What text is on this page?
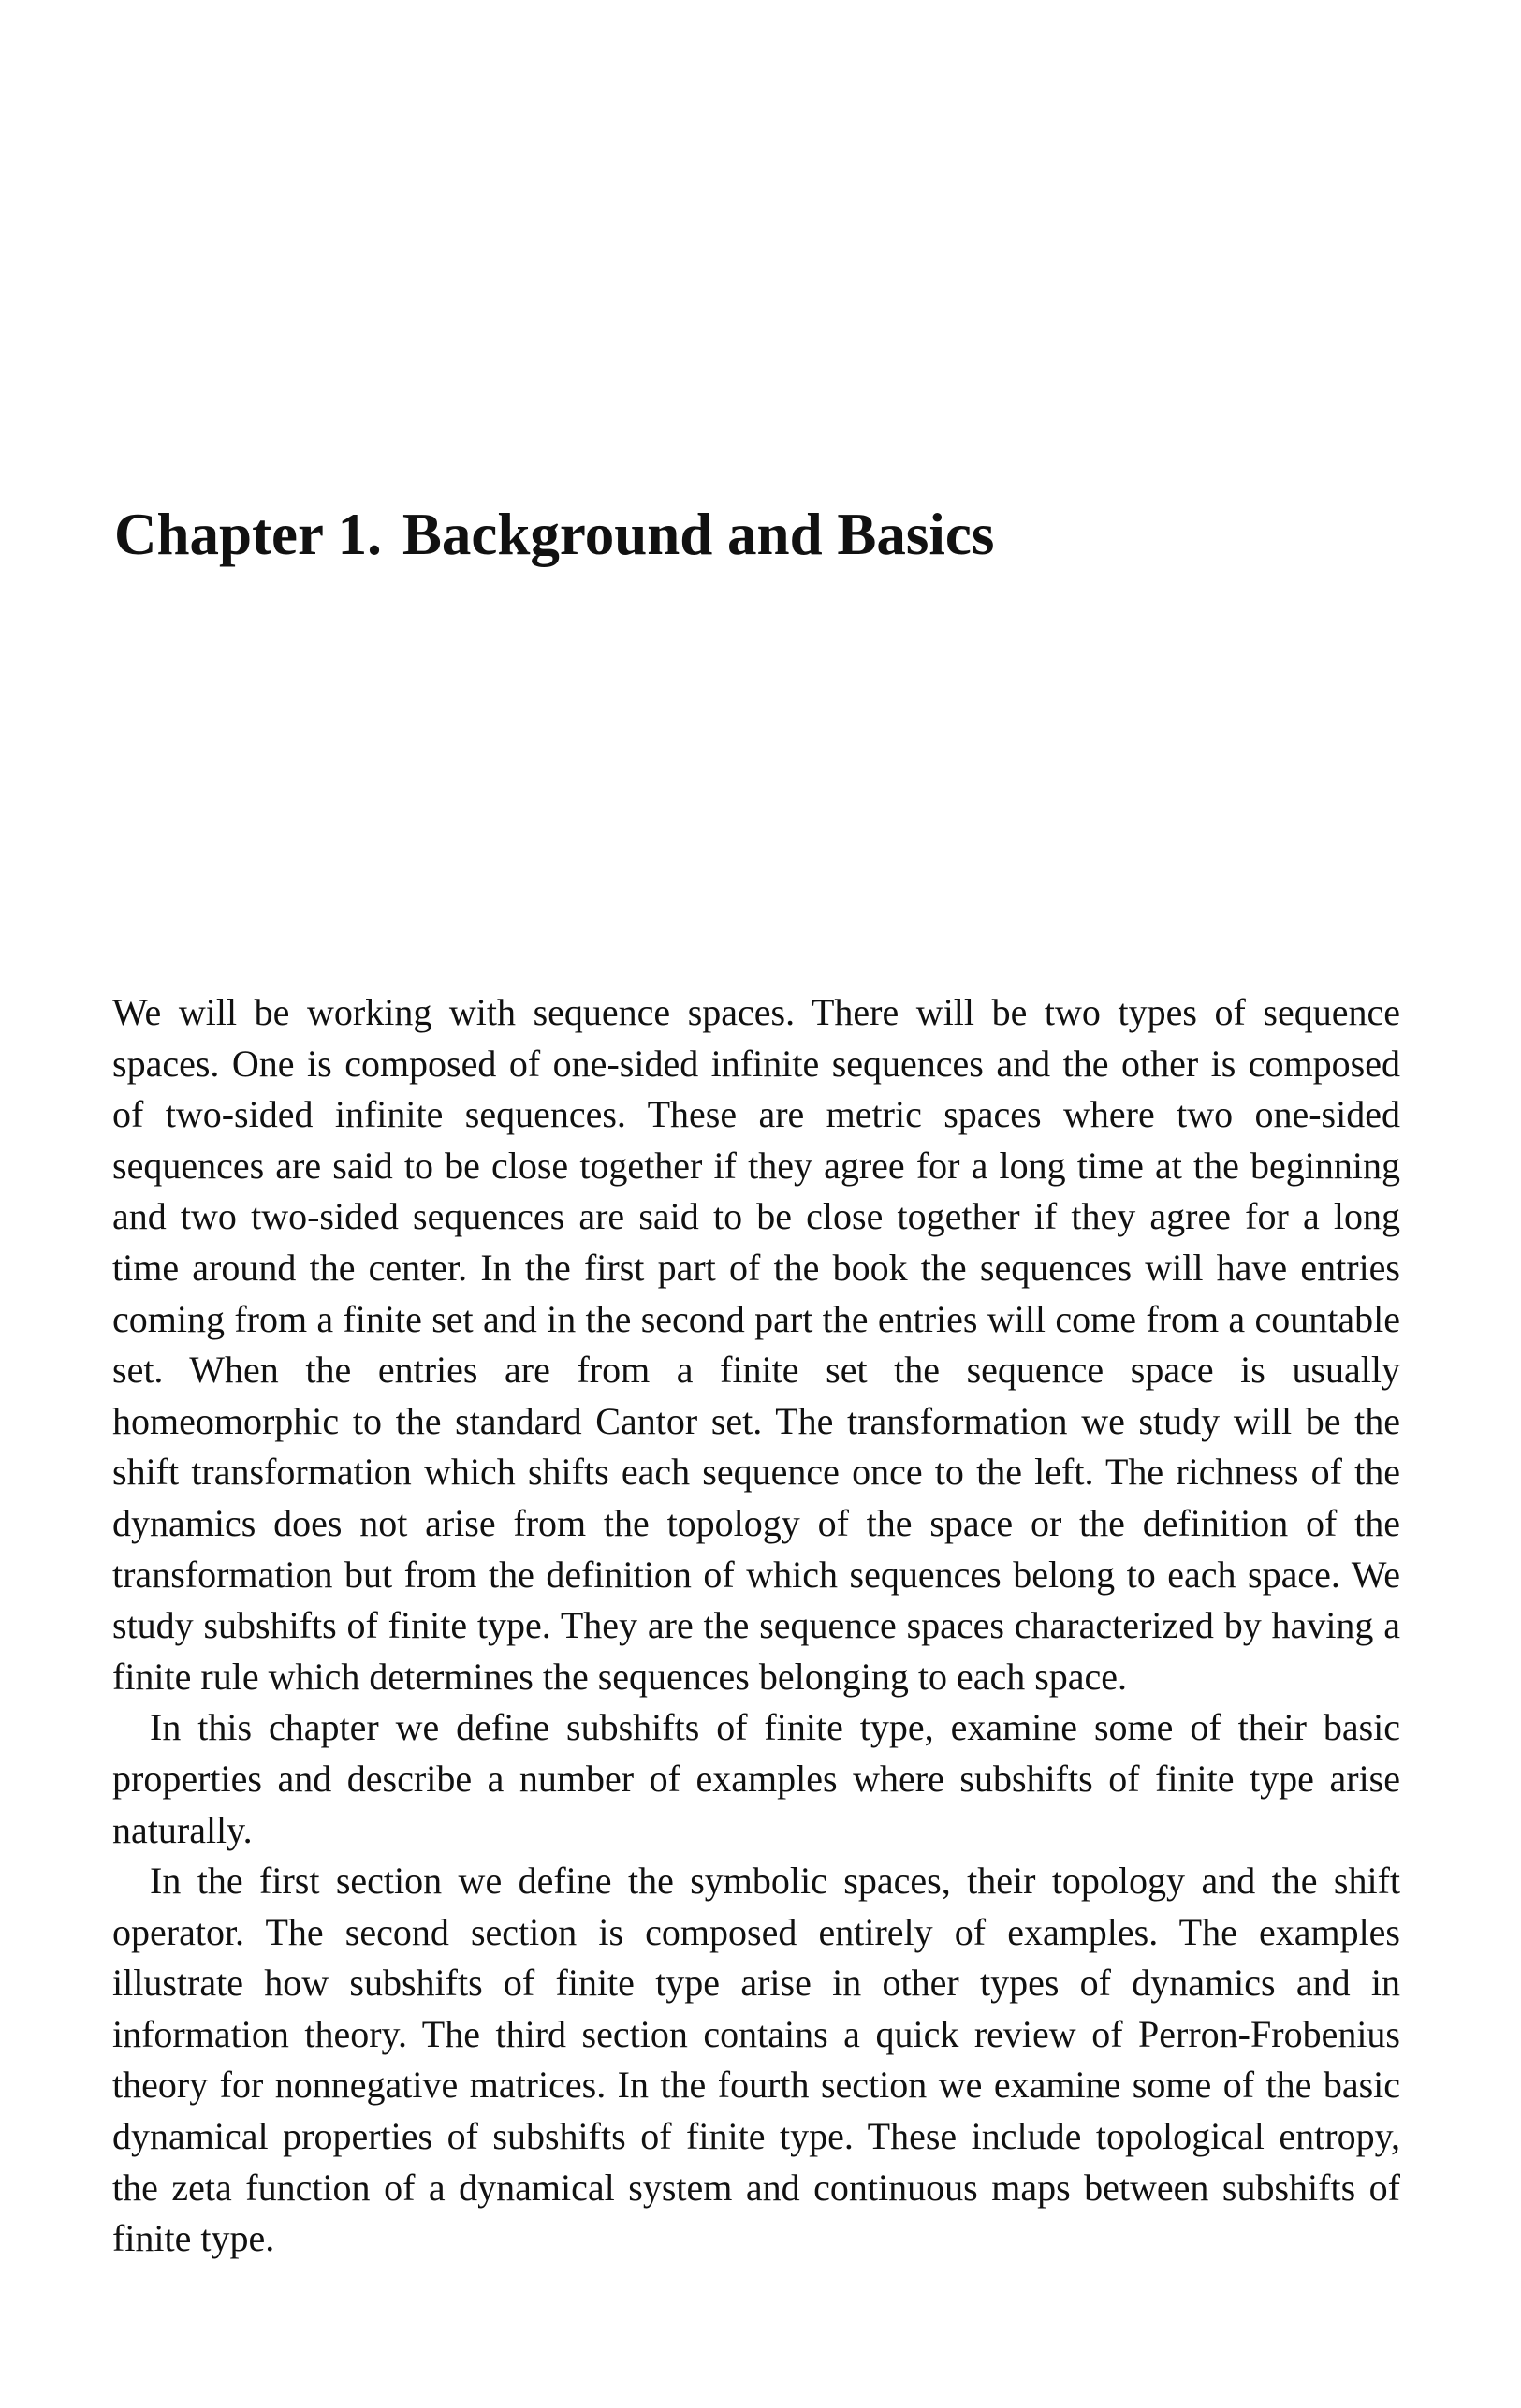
Chapter 1. Background and Basics

We will be working with sequence spaces. There will be two types of sequence spaces. One is composed of one-sided infinite sequences and the other is composed of two-sided infinite sequences. These are metric spaces where two one-sided sequences are said to be close together if they agree for a long time at the beginning and two two-sided sequences are said to be close together if they agree for a long time around the center. In the first part of the book the sequences will have entries coming from a finite set and in the second part the entries will come from a countable set. When the entries are from a finite set the sequence space is usually homeomorphic to the standard Cantor set. The transformation we study will be the shift transformation which shifts each sequence once to the left. The richness of the dynamics does not arise from the topology of the space or the definition of the transformation but from the definition of which sequences belong to each space. We study subshifts of finite type. They are the sequence spaces characterized by having a finite rule which determines the sequences belonging to each space.

In this chapter we define subshifts of finite type, examine some of their basic properties and describe a number of examples where subshifts of finite type arise naturally.

In the first section we define the symbolic spaces, their topology and the shift operator. The second section is composed entirely of examples. The examples illustrate how subshifts of finite type arise in other types of dynamics and in information theory. The third section contains a quick review of Perron-Frobenius theory for nonnegative matrices. In the fourth section we examine some of the basic dynamical properties of subshifts of finite type. These include topological entropy, the zeta function of a dynamical system and continuous maps between subshifts of finite type.
